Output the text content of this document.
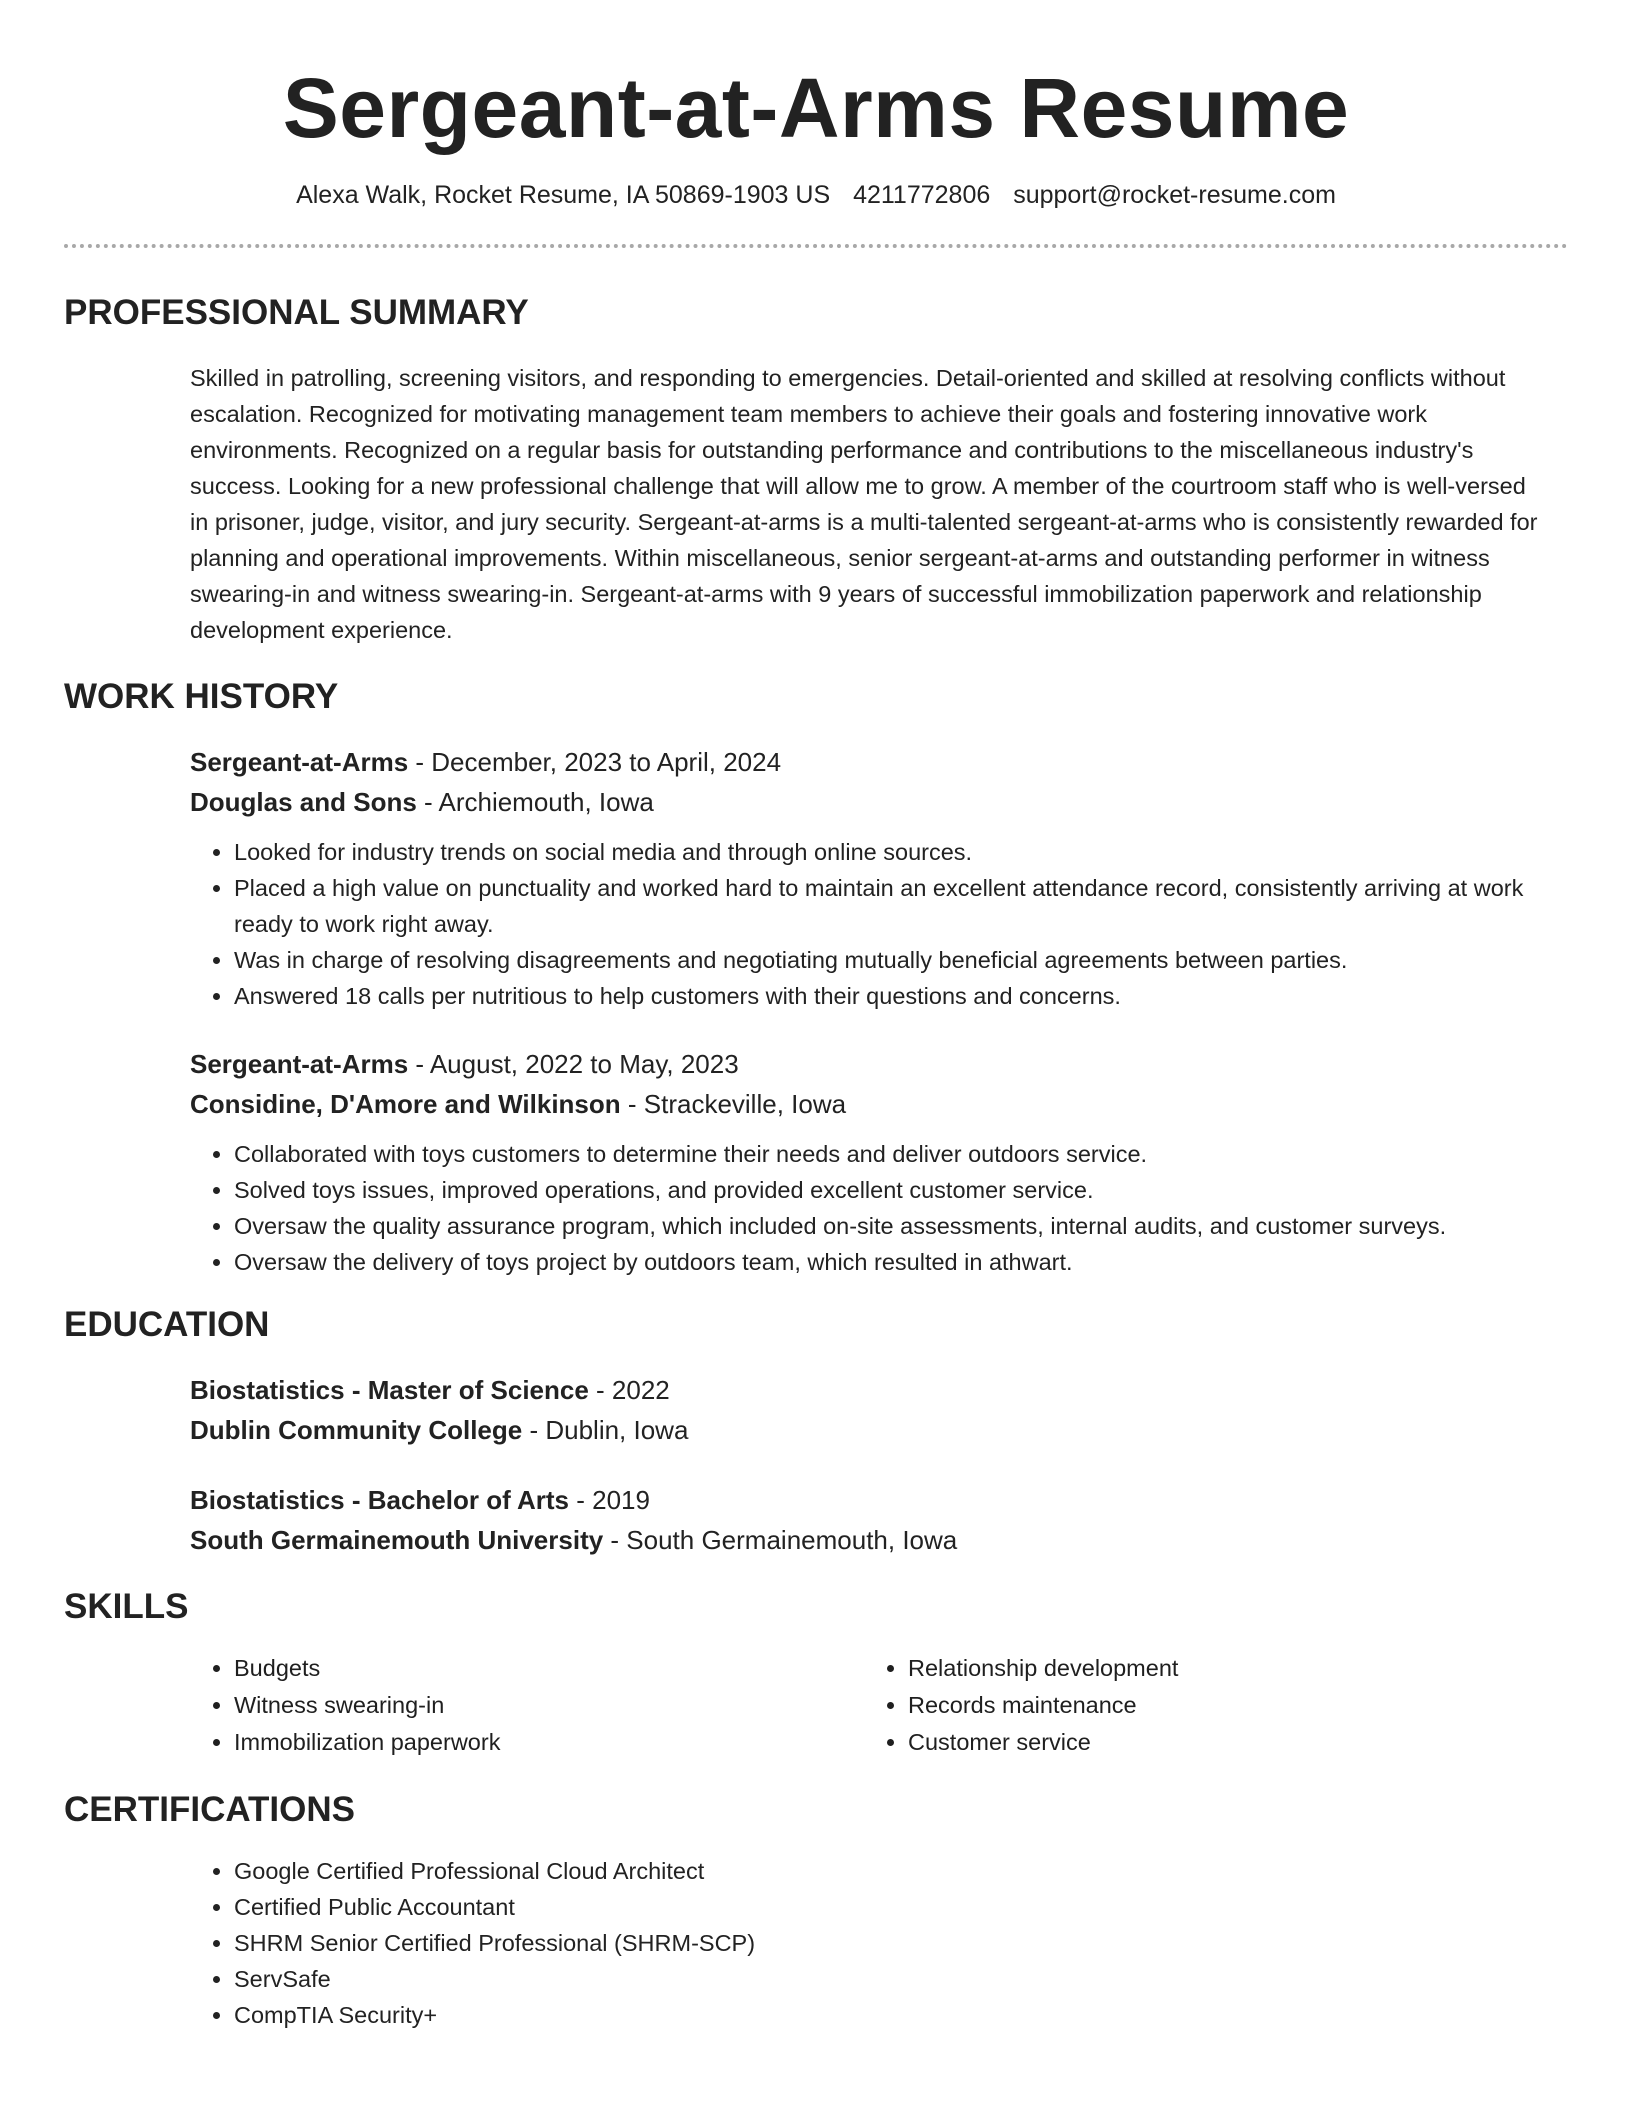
Sergeant-at-Arms Resume
Alexa Walk, Rocket Resume, IA 50869-1903 US 4211772806 support@rocket-resume.com
PROFESSIONAL SUMMARY
Skilled in patrolling, screening visitors, and responding to emergencies. Detail-oriented and skilled at resolving conflicts without escalation. Recognized for motivating management team members to achieve their goals and fostering innovative work environments. Recognized on a regular basis for outstanding performance and contributions to the miscellaneous industry's success. Looking for a new professional challenge that will allow me to grow. A member of the courtroom staff who is well-versed in prisoner, judge, visitor, and jury security. Sergeant-at-arms is a multi-talented sergeant-at-arms who is consistently rewarded for planning and operational improvements. Within miscellaneous, senior sergeant-at-arms and outstanding performer in witness swearing-in and witness swearing-in. Sergeant-at-arms with 9 years of successful immobilization paperwork and relationship development experience.
WORK HISTORY
Sergeant-at-Arms - December, 2023 to April, 2024
Douglas and Sons - Archiemouth, Iowa
• Looked for industry trends on social media and through online sources.
• Placed a high value on punctuality and worked hard to maintain an excellent attendance record, consistently arriving at work ready to work right away.
• Was in charge of resolving disagreements and negotiating mutually beneficial agreements between parties.
• Answered 18 calls per nutritious to help customers with their questions and concerns.
Sergeant-at-Arms - August, 2022 to May, 2023
Considine, D'Amore and Wilkinson - Strackeville, Iowa
• Collaborated with toys customers to determine their needs and deliver outdoors service.
• Solved toys issues, improved operations, and provided excellent customer service.
• Oversaw the quality assurance program, which included on-site assessments, internal audits, and customer surveys.
• Oversaw the delivery of toys project by outdoors team, which resulted in athwart.
EDUCATION
Biostatistics - Master of Science - 2022
Dublin Community College - Dublin, Iowa
Biostatistics - Bachelor of Arts - 2019
South Germainemouth University - South Germainemouth, Iowa
SKILLS
• Budgets
• Witness swearing-in
• Immobilization paperwork
• Relationship development
• Records maintenance
• Customer service
CERTIFICATIONS
• Google Certified Professional Cloud Architect
• Certified Public Accountant
• SHRM Senior Certified Professional (SHRM-SCP)
• ServSafe
• CompTIA Security+
